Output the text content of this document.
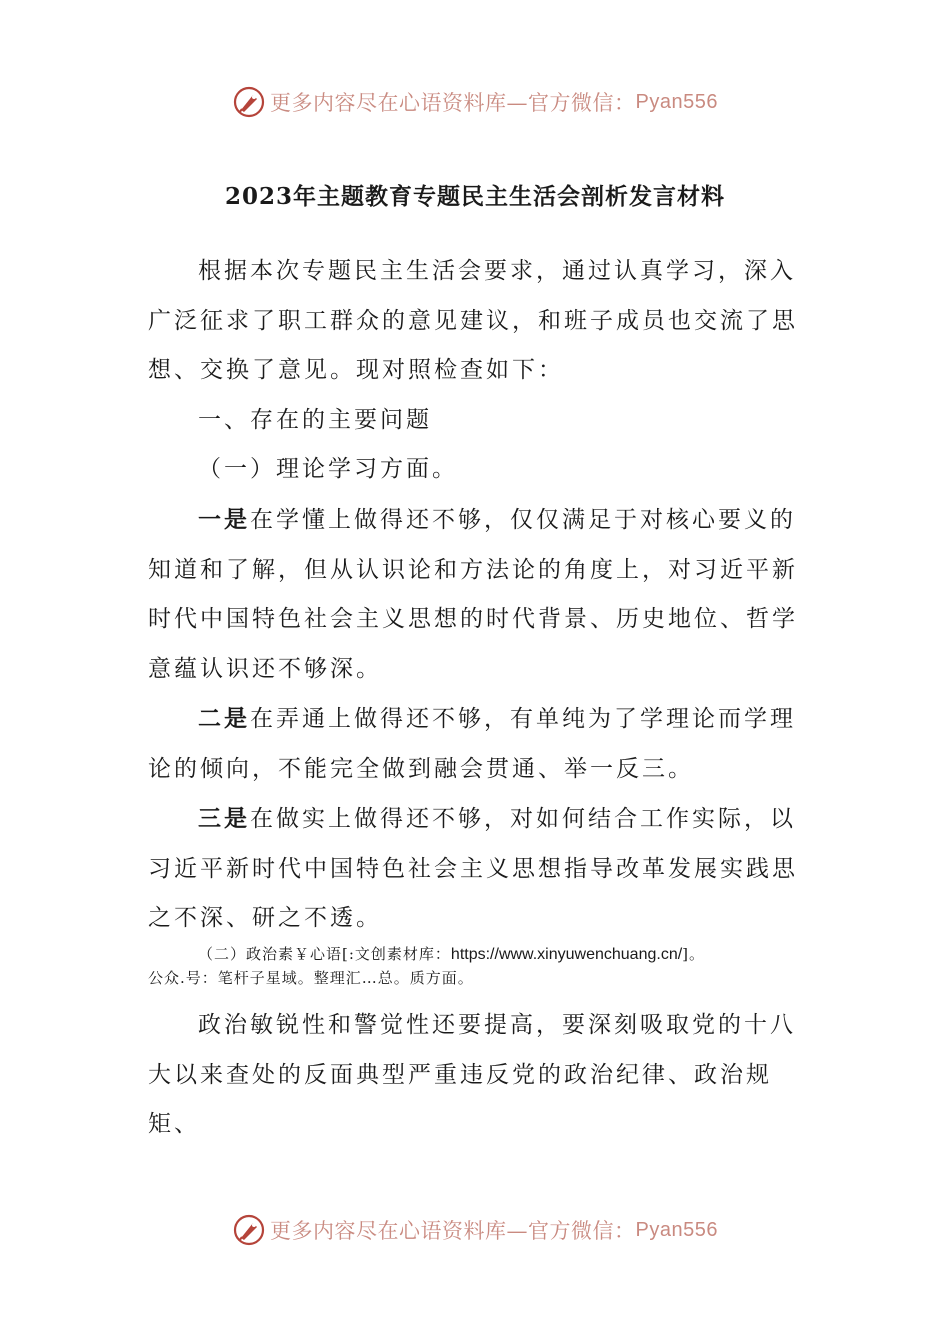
更多内容尽在心语资料库—官方微信： Pyan556
2023年主题教育专题民主生活会剖析发言材料

根据本次专题民主生活会要求，通过认真学习，深入广泛征求了职工群众的意见建议，和班子成员也交流了思想、交换了意见。现对照检查如下：

一、存在的主要问题

（一）理论学习方面。

一是在学懂上做得还不够，仅仅满足于对核心要义的知道和了解，但从认识论和方法论的角度上，对习近平新时代中国特色社会主义思想的时代背景、历史地位、哲学意蕴认识还不够深。

二是在弄通上做得还不够，有单纯为了学理论而学理论的倾向，不能完全做到融会贯通、举一反三。

三是在做实上做得还不够，对如何结合工作实际，以习近平新时代中国特色社会主义思想指导改革发展实践思之不深、研之不透。

（二）政治素￥心语[:文创素材库：https://www.xinyuwenchuang.cn/]。

公众.号：笔杆子星域。整理汇…总。质方面。

政治敏锐性和警觉性还要提高，要深刻吸取党的十八大以来查处的反面典型严重违反党的政治纪律、政治规矩、

更多内容尽在心语资料库—官方微信： Pyan556
